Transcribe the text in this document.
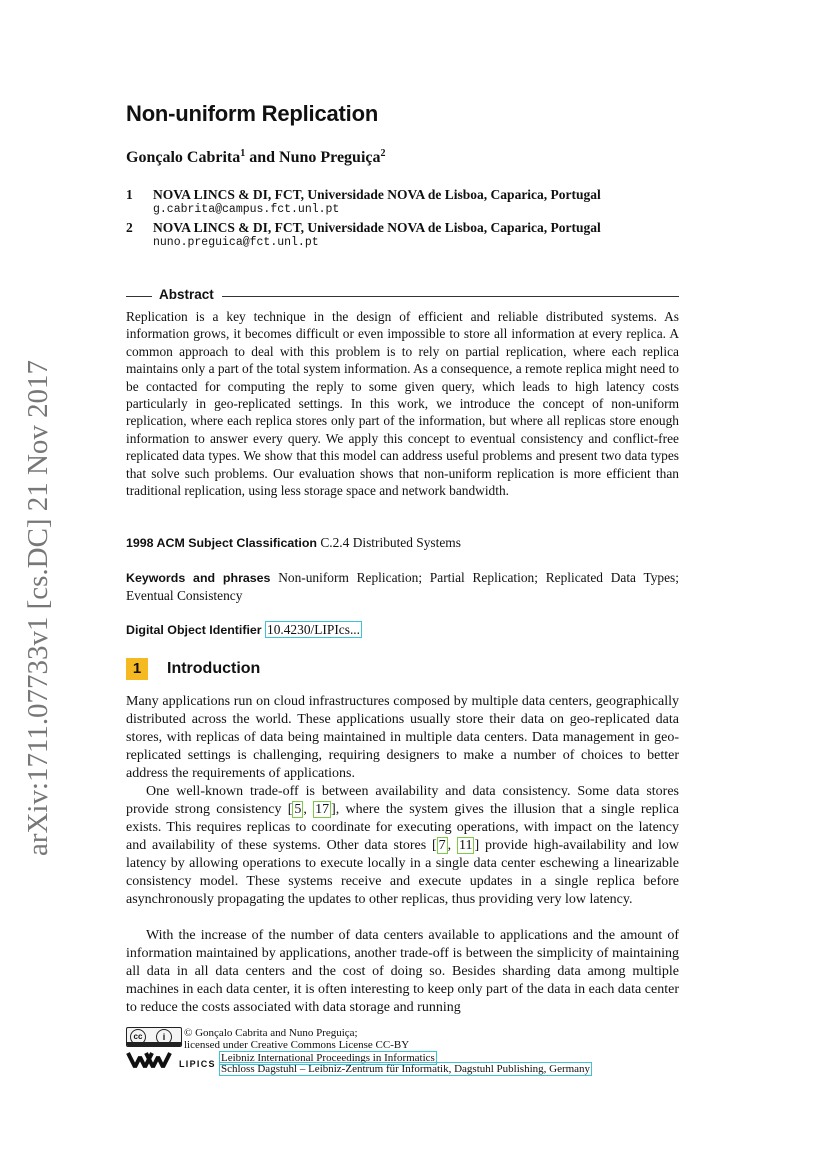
arXiv:1711.07733v1 [cs.DC] 21 Nov 2017
Non-uniform Replication
Gonçalo Cabrita$^1$ and Nuno Preguiça$^2$
1 NOVA LINCS & DI, FCT, Universidade NOVA de Lisboa, Caparica, Portugal
g.cabrita@campus.fct.unl.pt
2 NOVA LINCS & DI, FCT, Universidade NOVA de Lisboa, Caparica, Portugal
nuno.preguica@fct.unl.pt
Abstract

Replication is a key technique in the design of efficient and reliable distributed systems. As information grows, it becomes difficult or even impossible to store all information at every replica. A common approach to deal with this problem is to rely on partial replication, where each replica maintains only a part of the total system information. As a consequence, a remote replica might need to be contacted for computing the reply to some given query, which leads to high latency costs particularly in geo-replicated settings. In this work, we introduce the concept of non-uniform replication, where each replica stores only part of the information, but where all replicas store enough information to answer every query. We apply this concept to eventual consistency and conflict-free replicated data types. We show that this model can address useful problems and present two data types that solve such problems. Our evaluation shows that non-uniform replication is more efficient than traditional replication, using less storage space and network bandwidth.

1998 ACM Subject Classification C.2.4 Distributed Systems

Keywords and phrases Non-uniform Replication; Partial Replication; Replicated Data Types; Eventual Consistency

Digital Object Identifier 10.4230/LIPIcs...

1	Introduction

Many applications run on cloud infrastructures composed by multiple data centers, geographically distributed across the world. These applications usually store their data on geo-replicated data stores, with replicas of data being maintained in multiple data centers. Data management in geo-replicated settings is challenging, requiring designers to make a number of choices to better address the requirements of applications.

One well-known trade-off is between availability and data consistency. Some data stores provide strong consistency [ 5 , 17 ], where the system gives the illusion that a single replica exists. This requires replicas to coordinate for executing operations, with impact on the latency and availability of these systems. Other data stores [ 7 , 11 ] provide high-availability and low latency by allowing operations to execute locally in a single data center eschewing a linearizable consistency model. These systems receive and execute updates in a single replica before asynchronously propagating the updates to other replicas, thus providing very low latency.

With the increase of the number of data centers available to applications and the amount of information maintained by applications, another trade-off is between the simplicity of maintaining all data in all data centers and the cost of doing so. Besides sharding data among multiple machines in each data center, it is often interesting to keep only part of the data in each data center to reduce the costs associated with data storage and running

cc	i	© Gonçalo Cabrita and Nuno Preguiça;
licensed under Creative Commons License CC-BY
Leibniz International Proceedings in Informatics
Schloss Dagstuhl – Leibniz-Zentrum für Informatik, Dagstuhl Publishing, Germany
LIPICS
